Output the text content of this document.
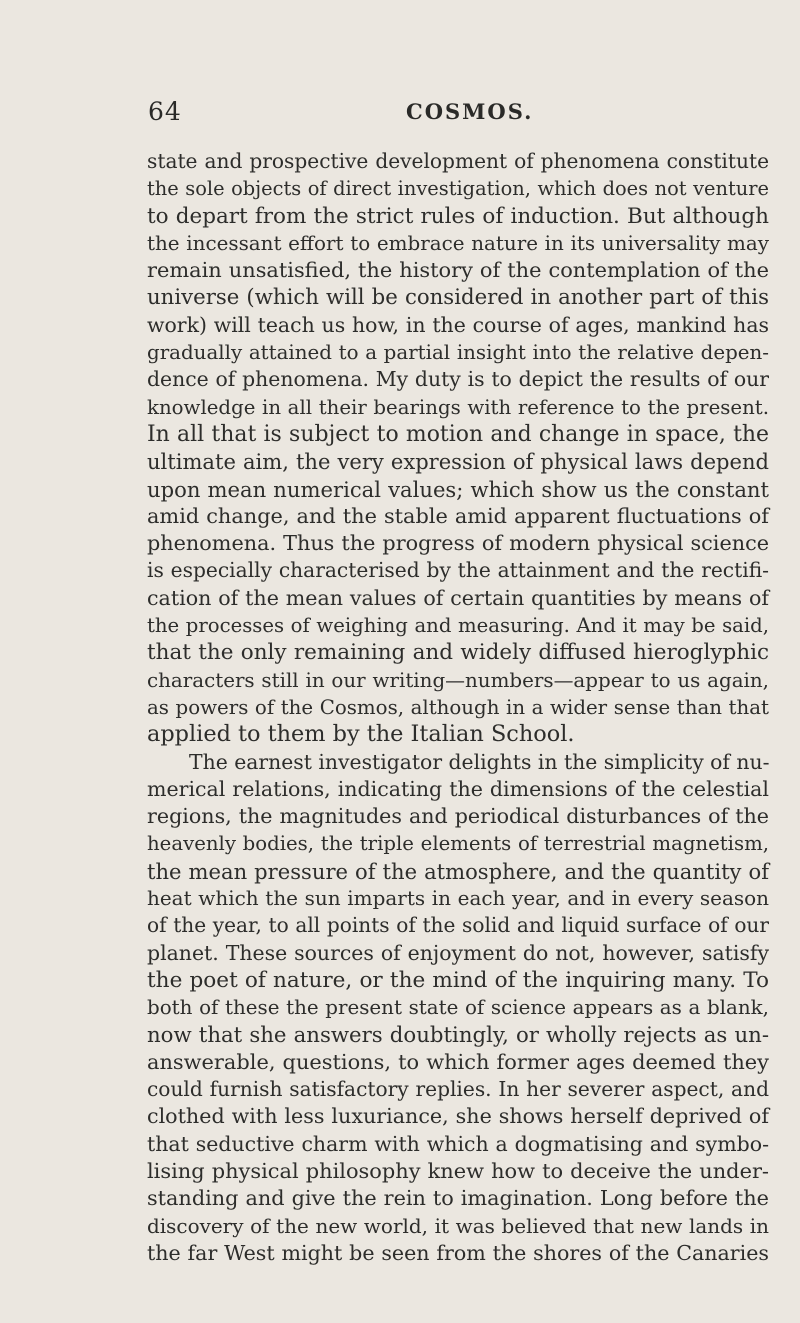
64	COSMOS.
state and prospective development of phenomena constitute
the sole objects of direct investigation, which does not venture
to depart from the strict rules of induction. But although
the incessant effort to embrace nature in its universality may
remain unsatisfied, the history of the contemplation of the
universe (which will be considered in another part of this
work) will teach us how, in the course of ages, mankind has
gradually attained to a partial insight into the relative depen-
dence of phenomena. My duty is to depict the results of our
knowledge in all their bearings with reference to the present.
In all that is subject to motion and change in space, the
ultimate aim, the very expression of physical laws depend
upon mean numerical values; which show us the constant
amid change, and the stable amid apparent fluctuations of
phenomena. Thus the progress of modern physical science
is especially characterised by the attainment and the rectifi-
cation of the mean values of certain quantities by means of
the processes of weighing and measuring. And it may be said,
that the only remaining and widely diffused hieroglyphic
characters still in our writing—numbers—appear to us again,
as powers of the Cosmos, although in a wider sense than that
applied to them by the Italian School.
The earnest investigator delights in the simplicity of nu-
merical relations, indicating the dimensions of the celestial
regions, the magnitudes and periodical disturbances of the
heavenly bodies, the triple elements of terrestrial magnetism,
the mean pressure of the atmosphere, and the quantity of
heat which the sun imparts in each year, and in every season
of the year, to all points of the solid and liquid surface of our
planet. These sources of enjoyment do not, however, satisfy
the poet of nature, or the mind of the inquiring many. To
both of these the present state of science appears as a blank,
now that she answers doubtingly, or wholly rejects as un-
answerable, questions, to which former ages deemed they
could furnish satisfactory replies. In her severer aspect, and
clothed with less luxuriance, she shows herself deprived of
that seductive charm with which a dogmatising and symbo-
lising physical philosophy knew how to deceive the under-
standing and give the rein to imagination. Long before the
discovery of the new world, it was believed that new lands in
the far West might be seen from the shores of the Canaries
